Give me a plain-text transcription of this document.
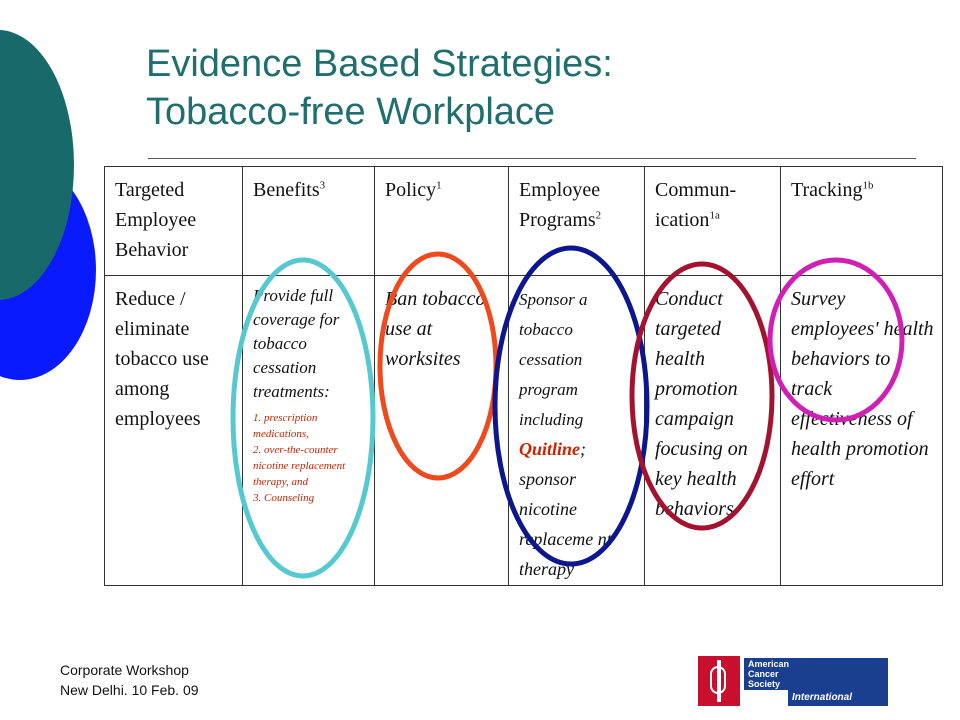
Evidence Based Strategies:
Tobacco-free Workplace
Targeted Employee Behavior	Benefits$^3$	Policy$^1$	Employee Programs$^2$	Commun-ication$^{1a}$	Tracking$^{1b}$
Reduce / eliminate tobacco use among employees	Provide full coverage for tobacco cessation treatments:
1. prescription medications,
2. over-the-counter nicotine replacement therapy, and
3. Counseling	Ban tobacco use at worksites	Sponsor a tobacco cessation program including Quitline; sponsor nicotine replaceme nt therapy	Conduct targeted health promotion campaign focusing on key health behaviors	Survey employees' health behaviors to track effectiveness of health promotion effort
Corporate Workshop
New Delhi. 10 Feb. 09
American
Cancer
Society
International
